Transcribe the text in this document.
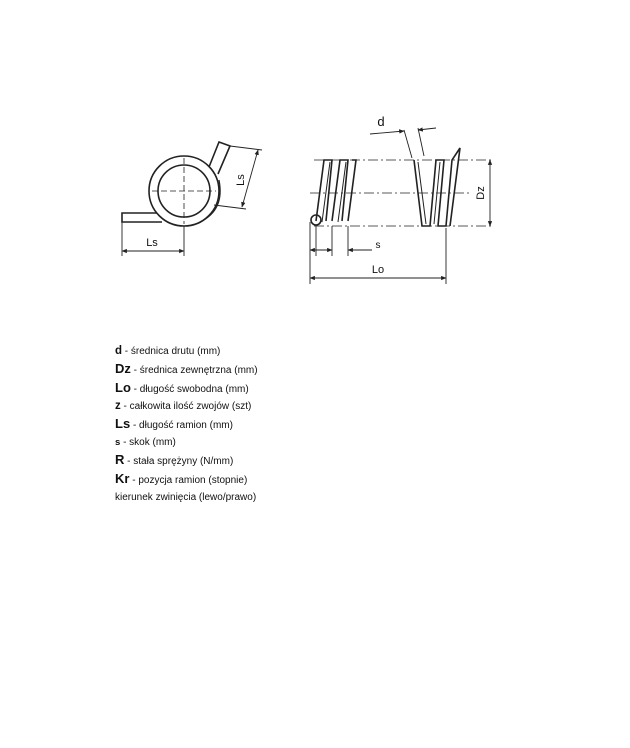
Ls
Ls
d
Dz
s
Lo
d - średnica drutu (mm)
Dz - średnica zewnętrzna (mm)
Lo - długość swobodna (mm)
z - całkowita ilość zwojów (szt)
Ls - długość ramion (mm)
s - skok (mm)
R - stała sprężyny (N/mm)
Kr - pozycja ramion (stopnie)
kierunek zwinięcia (lewo/prawo)
